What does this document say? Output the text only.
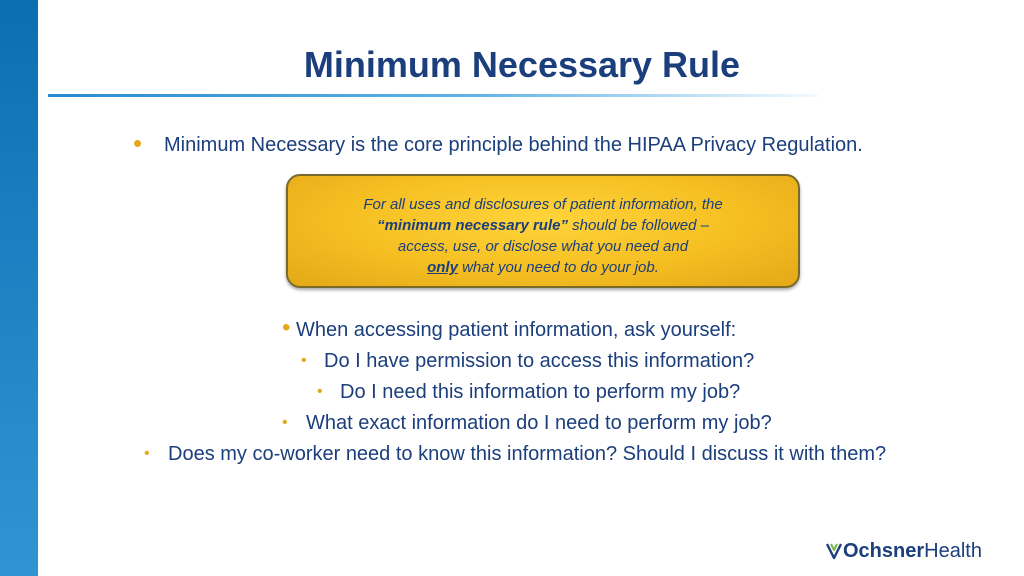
Minimum Necessary Rule
• Minimum Necessary is the core principle behind the HIPAA Privacy Regulation.
For all uses and disclosures of patient information, the
“minimum necessary rule” should be followed –
access, use, or disclose what you need and
only what you need to do your job.
• When accessing patient information, ask yourself:
• Do I have permission to access this information?
• Do I need this information to perform my job?
• What exact information do I need to perform my job?
• Does my co-worker need to know this information? Should I discuss it with them?
Ochsner Health
